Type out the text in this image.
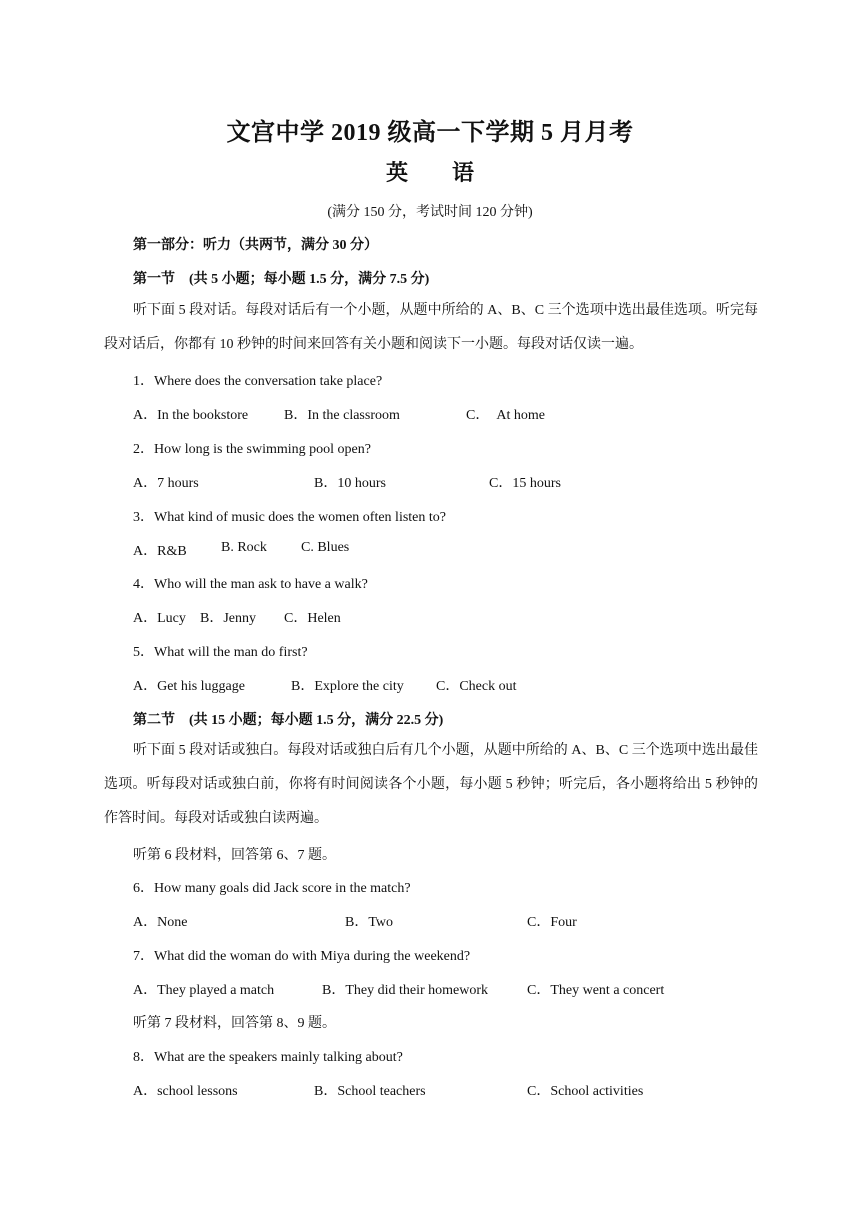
文宫中学 2019 级高一下学期 5 月月考
英　　语
(满分 150 分，考试时间 120 分钟)
第一部分：听力（共两节，满分 30 分）
第一节　(共 5 小题；每小题 1.5 分，满分 7.5 分)
听下面 5 段对话。每段对话后有一个小题，从题中所给的 A、B、C 三个选项中选出最佳选项。听完每段对话后，你都有 10 秒钟的时间来回答有关小题和阅读下一小题。每段对话仅读一遍。
1．Where does the conversation take place?
A．In the bookstore	B．In the classroom	C．　At home
2．How long is the swimming pool open?
A．7 hours	B．10 hours	C．15 hours
3．What kind of music does the women often listen to?
A．R&B B. Rock C. Blues
4．Who will the man ask to have a walk?
A．Lucy B．Jenny C．Helen
5．What will the man do first?
A．Get his luggage	B．Explore the city C．Check out
第二节　(共 15 小题；每小题 1.5 分，满分 22.5 分)
听下面 5 段对话或独白。每段对话或独白后有几个小题，从题中所给的 A、B、C 三个选项中选出最佳选项。听每段对话或独白前，你将有时间阅读各个小题，每小题 5 秒钟；听完后，各小题将给出 5 秒钟的作答时间。每段对话或独白读两遍。
听第 6 段材料，回答第 6、7 题。
6．How many goals did Jack score in the match?
A．None	B．Two	C．Four
7．What did the woman do with Miya during the weekend?
A．They played a match	B．They did their homework	C．They went a concert
听第 7 段材料，回答第 8、9 题。
8．What are the speakers mainly talking about?
A．school lessons	B．School teachers	C．School activities
